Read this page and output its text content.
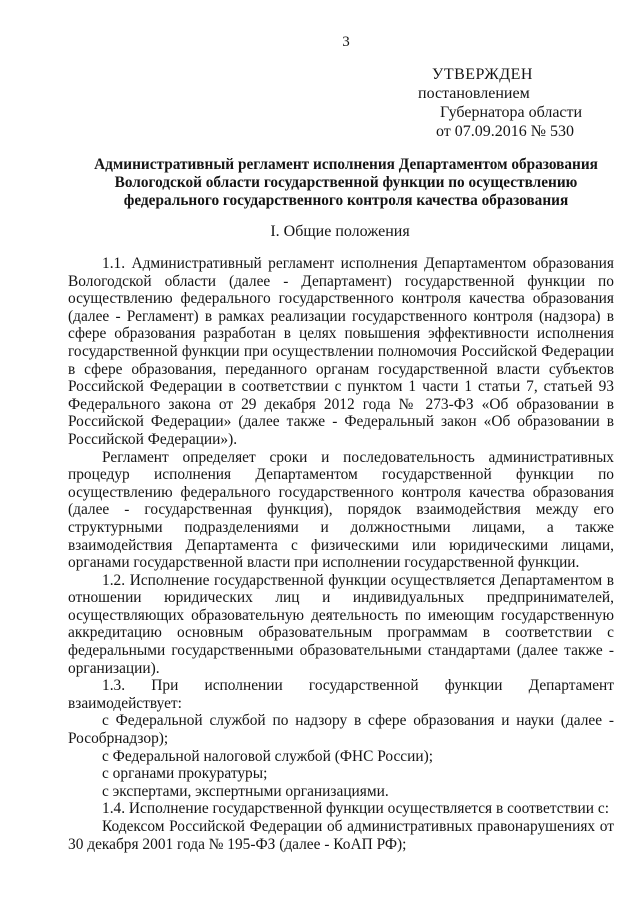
3
УТВЕРЖДЕН
постановлением
Губернатора области
от 07.09.2016 № 530
Административный регламент исполнения Департаментом образования Вологодской области государственной функции по осуществлению федерального государственного контроля качества образования
I. Общие положения

1.1. Административный регламент исполнения Департаментом образования Вологодской области (далее - Департамент) государственной функции по осуществлению федерального государственного контроля качества образования (далее - Регламент) в рамках реализации государственного контроля (надзора) в сфере образования разработан в целях повышения эффективности исполнения государственной функции при осуществлении полномочия Российской Федерации в сфере образования, переданного органам государственной власти субъектов Российской Федерации в соответствии с пунктом 1 части 1 статьи 7, статьей 93 Федерального закона от 29 декабря 2012 года № 273-ФЗ «Об образовании в Российской Федерации» (далее также - Федеральный закон «Об образовании в Российской Федерации»).

Регламент определяет сроки и последовательность административных процедур исполнения Департаментом государственной функции по осуществлению федерального государственного контроля качества образования (далее - государственная функция), порядок взаимодействия между его структурными подразделениями и должностными лицами, а также взаимодействия Департамента с физическими или юридическими лицами, органами государственной власти при исполнении государственной функции.

1.2. Исполнение государственной функции осуществляется Департаментом в отношении юридических лиц и индивидуальных предпринимателей, осуществляющих образовательную деятельность по имеющим государственную аккредитацию основным образовательным программам в соответствии с федеральными государственными образовательными стандартами (далее также - организации).

1.3. При исполнении государственной функции Департамент взаимодействует:

с Федеральной службой по надзору в сфере образования и науки (далее - Рособрнадзор);

с Федеральной налоговой службой (ФНС России);

с органами прокуратуры;

с экспертами, экспертными организациями.

1.4. Исполнение государственной функции осуществляется в соответствии с:

Кодексом Российской Федерации об административных правонарушениях от 30 декабря 2001 года № 195-ФЗ (далее - КоАП РФ);
